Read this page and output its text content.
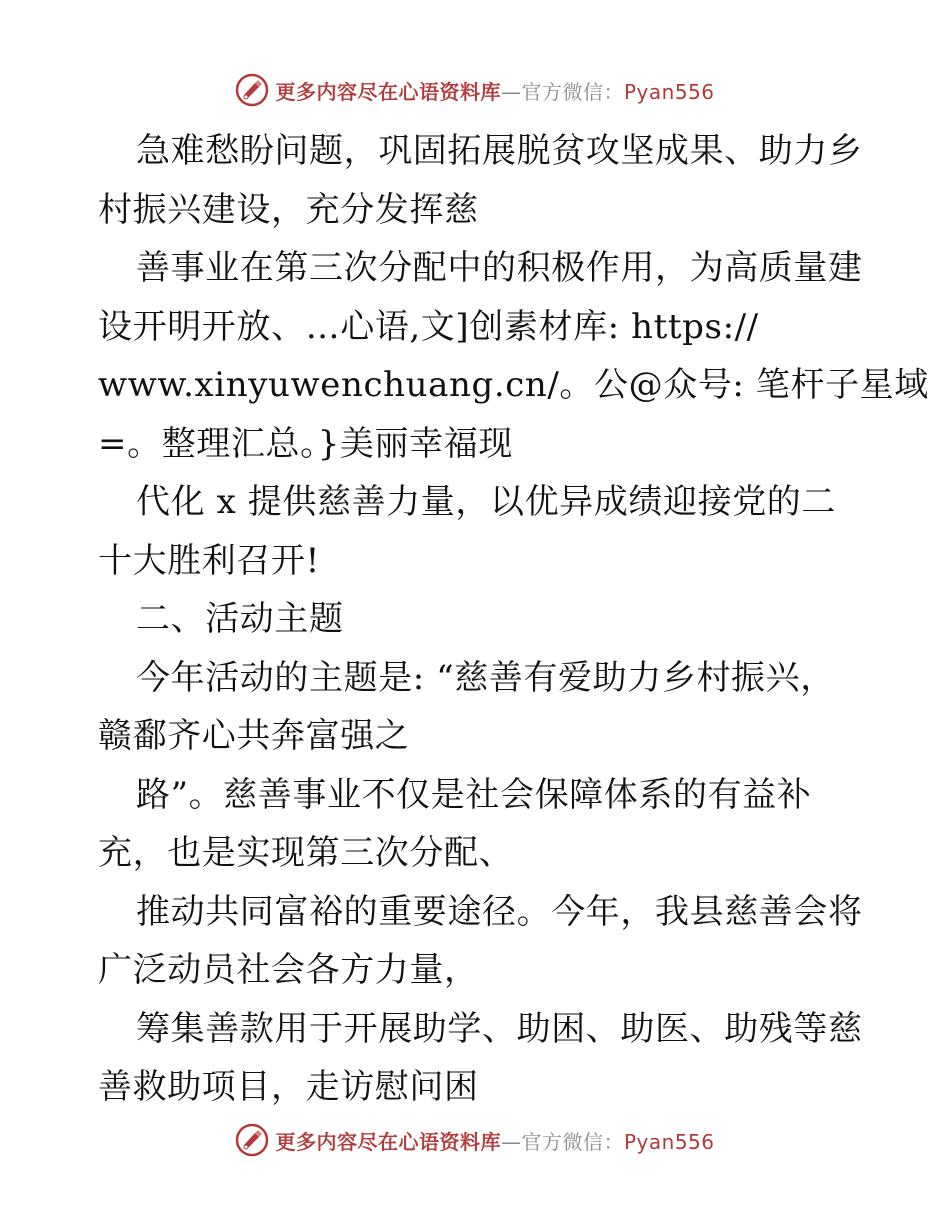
更多内容尽在心语资料库—官方微信：Pyan556
急难愁盼问题，巩固拓展脱贫攻坚成果、助力乡
村振兴建设，充分发挥慈
善事业在第三次分配中的积极作用，为高质量建
设开明开放、…心语,文]创素材库: https://
www.xinyuwenchuang.cn/。公@众号: 笔杆子星域
=。整理汇总。}美丽幸福现
代化 x 提供慈善力量，以优异成绩迎接党的二
十大胜利召开!
二、活动主题
今年活动的主题是: “慈善有爱助力乡村振兴，
赣鄱齐心共奔富强之
路”。慈善事业不仅是社会保障体系的有益补
充，也是实现第三次分配、
推动共同富裕的重要途径。今年，我县慈善会将
广泛动员社会各方力量，
筹集善款用于开展助学、助困、助医、助残等慈
善救助项目，走访慰问困
更多内容尽在心语资料库—官方微信：Pyan556
